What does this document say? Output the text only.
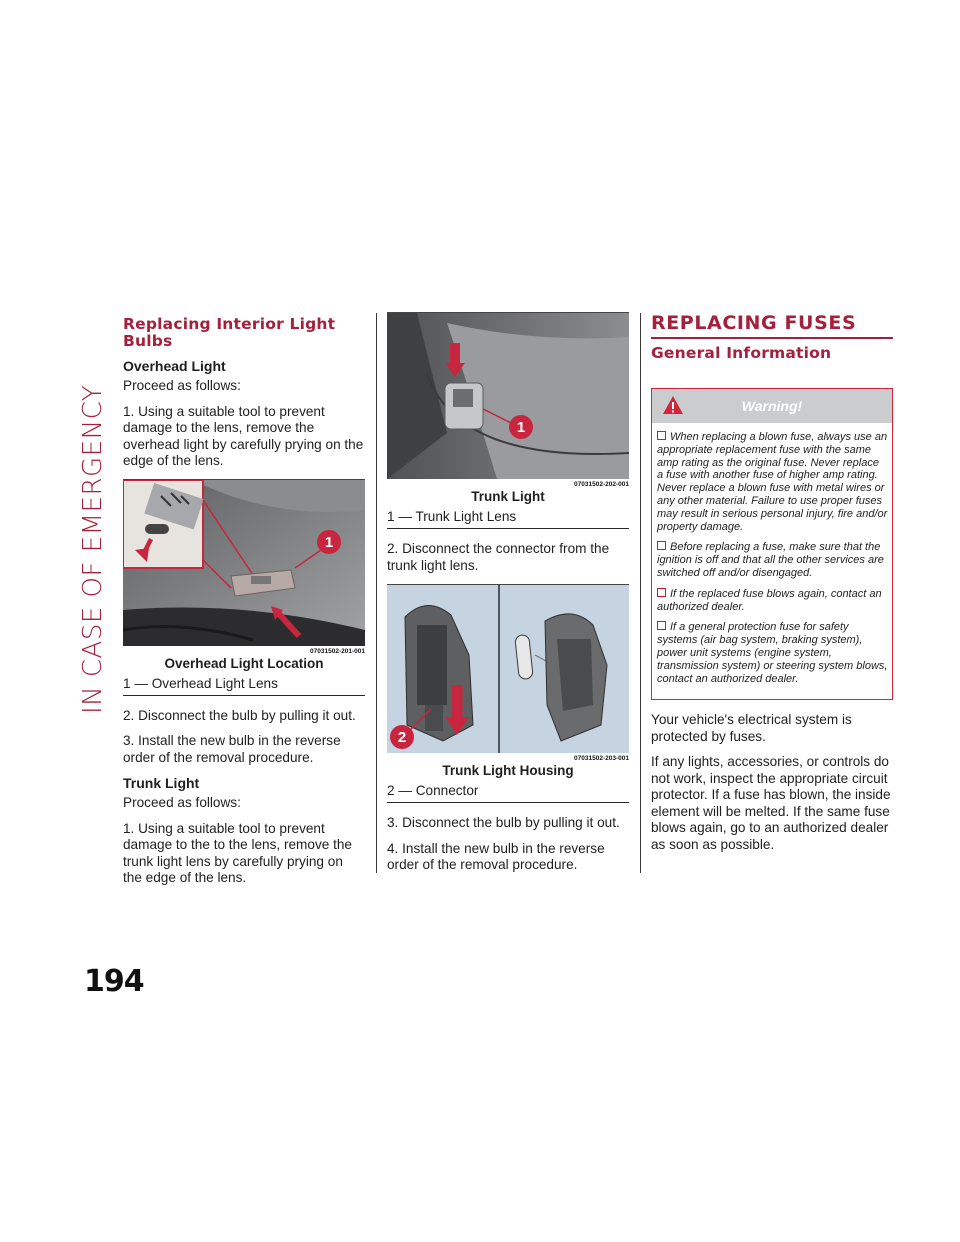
IN CASE OF EMERGENCY
194
Replacing Interior Light Bulbs
Overhead Light

Proceed as follows:

1. Using a suitable tool to prevent damage to the lens, remove the overhead light by carefully prying on the edge of the lens.

1
07031502-201-001
Overhead Light Location
1 — Overhead Light Lens

2. Disconnect the bulb by pulling it out.

3. Install the new bulb in the reverse order of the removal procedure.

Trunk Light

Proceed as follows:

1. Using a suitable tool to prevent damage to the to the lens, remove the trunk light lens by carefully prying on the edge of the lens.

1
07031502-202-001
Trunk Light
1 — Trunk Light Lens

2. Disconnect the connector from the trunk light lens.

2
07031502-203-001
Trunk Light Housing
2 — Connector

3. Disconnect the bulb by pulling it out.

4. Install the new bulb in the reverse order of the removal procedure.

REPLACING FUSES
General Information
Warning!
When replacing a blown fuse, always use an appropriate replacement fuse with the same amp rating as the original fuse. Never replace a fuse with another fuse of higher amp rating. Never replace a blown fuse with metal wires or any other material. Failure to use proper fuses may result in serious personal injury, fire and/or property damage.
Before replacing a fuse, make sure that the ignition is off and that all the other services are switched off and/or disengaged.
If the replaced fuse blows again, contact an authorized dealer.
If a general protection fuse for safety systems (air bag system, braking system), power unit systems (engine system, transmission system) or steering system blows, contact an authorized dealer.

Your vehicle's electrical system is protected by fuses.

If any lights, accessories, or controls do not work, inspect the appropriate circuit protector. If a fuse has blown, the inside element will be melted. If the same fuse blows again, go to an authorized dealer as soon as possible.
